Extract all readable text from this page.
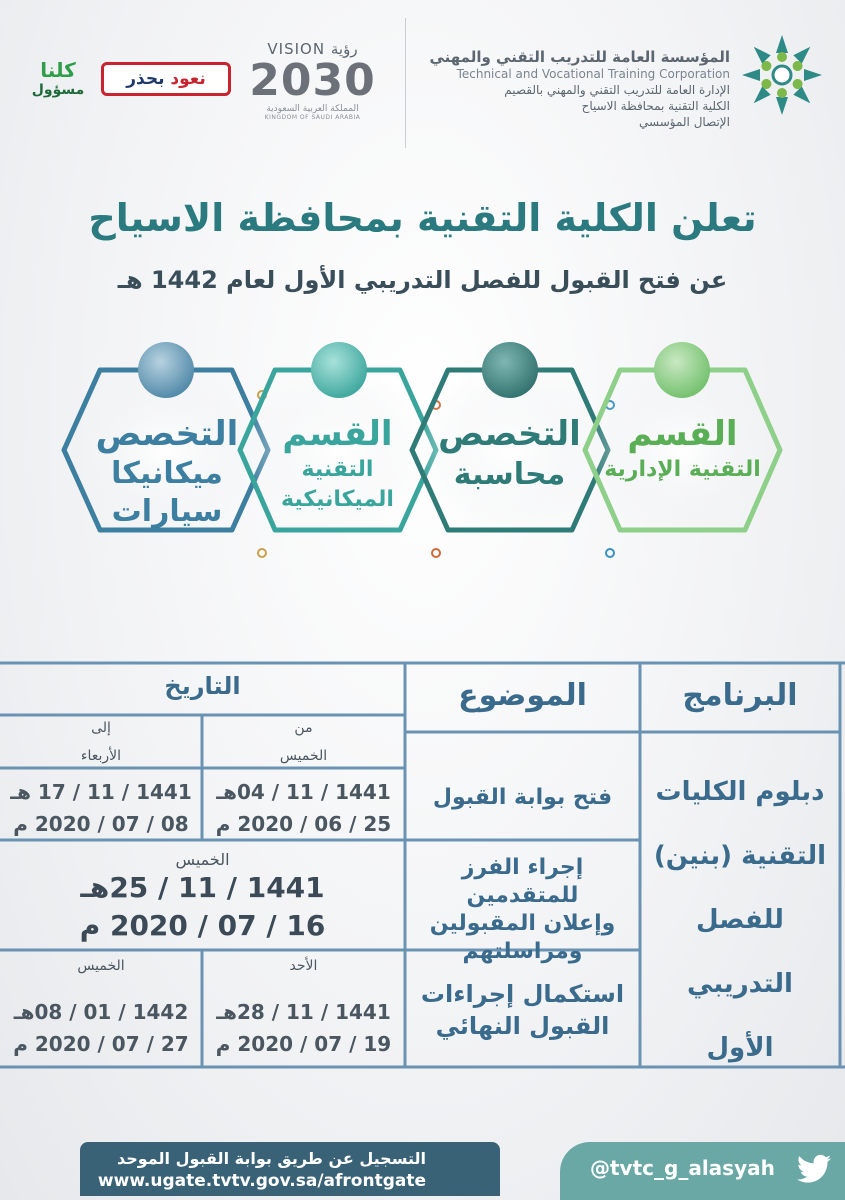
المؤسسة العامة للتدريب التقني والمهني
Technical and Vocational Training Corporation
الإدارة العامة للتدريب التقني والمهني بالقصيم
الكلية التقنية بمحافظة الاسياح
الإتصال المؤسسي
VISION رؤية
2030
المملكة العربية السعودية
KINGDOM OF SAUDI ARABIA
نعود بحذر
كلنا
مسؤول
تعلن الكلية التقنية بمحافظة الاسياح
عن فتح القبول للفصل التدريبي الأول لعام 1442 هـ
القسم
التقنية الإدارية
التخصص
محاسبة
القسم
التقنية الميكانيكية
التخصص
ميكانيكا سيارات
البرنامج
الموضوع
التاريخ
من
إلى
دبلوم الكليات
التقنية (بنين)
للفصل التدريبي
الأول
فتح بوابة القبول
الخميس
الأربعاء
1441 / 11 / 04هـ
25 / 06 / 2020 م
1441 / 11 / 17 هـ
08 / 07 / 2020 م
إجراء الفرز للمتقدمين
وإعلان المقبولين
ومراسلتهم
الخميس
1441 / 11 / 25هـ
16 / 07 / 2020 م
استكمال إجراءات
القبول النهائي
الأحد
الخميس
1441 / 11 / 28هـ
19 / 07 / 2020 م
1442 / 01 / 08هـ
27 / 07 / 2020 م
التسجيل عن طريق بوابة القبول الموحد
www.ugate.tvtv.gov.sa/afrontgate
@tvtc_g_alasyah
